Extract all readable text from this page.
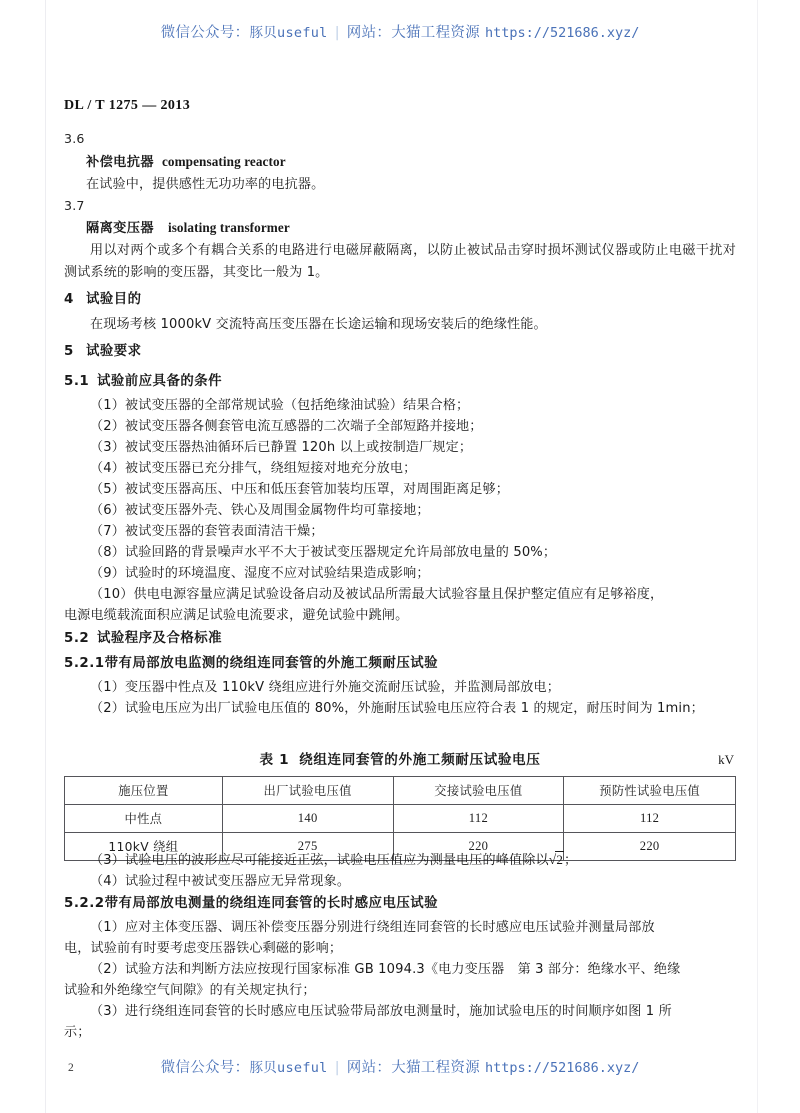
微信公众号：豚贝useful | 网站：大猫工程资源 https://521686.xyz/
DL / T 1275 — 2013

3.6

补偿电抗器 compensating reactor

在试验中，提供感性无功功率的电抗器。

3.7

隔离变压器 isolating transformer

用以对两个或多个有耦合关系的电路进行电磁屏蔽隔离，以防止被试品击穿时损坏测试仪器或防止电磁干扰对测试系统的影响的变压器，其变比一般为 1。

4 试验目的

在现场考核 1000kV 交流特高压变压器在长途运输和现场安装后的绝缘性能。

5 试验要求

5.1 试验前应具备的条件

（1）被试变压器的全部常规试验（包括绝缘油试验）结果合格；

（2）被试变压器各侧套管电流互感器的二次端子全部短路并接地；

（3）被试变压器热油循环后已静置 120h 以上或按制造厂规定；

（4）被试变压器已充分排气，绕组短接对地充分放电；

（5）被试变压器高压、中压和低压套管加装均压罩，对周围距离足够；

（6）被试变压器外壳、铁心及周围金属物件均可靠接地；

（7）被试变压器的套管表面清洁干燥；

（8）试验回路的背景噪声水平不大于被试变压器规定允许局部放电量的 50%；

（9）试验时的环境温度、湿度不应对试验结果造成影响；

（10）供电电源容量应满足试验设备启动及被试品所需最大试验容量且保护整定值应有足够裕度，

电源电缆载流面积应满足试验电流要求，避免试验中跳闸。

5.2 试验程序及合格标准

5.2.1带有局部放电监测的绕组连同套管的外施工频耐压试验

（1）变压器中性点及 110kV 绕组应进行外施交流耐压试验，并监测局部放电；

（2）试验电压应为出厂试验电压值的 80%，外施耐压试验电压应符合表 1 的规定，耐压时间为 1min；

表 1 绕组连同套管的外施工频耐压试验电压	kV
施压位置	出厂试验电压值	交接试验电压值	预防性试验电压值
中性点	140	112	112
110kV 绕组	275	220	220

（3）试验电压的波形应尽可能接近正弦，试验电压值应为测量电压的峰值除以√2；

（4）试验过程中被试变压器应无异常现象。

5.2.2带有局部放电测量的绕组连同套管的长时感应电压试验

（1）应对主体变压器、调压补偿变压器分别进行绕组连同套管的长时感应电压试验并测量局部放

电，试验前有时要考虑变压器铁心剩磁的影响；

（2）试验方法和判断方法应按现行国家标准 GB 1094.3《电力变压器　第 3 部分：绝缘水平、绝缘

试验和外绝缘空气间隙》的有关规定执行；

（3）进行绕组连同套管的长时感应电压试验带局部放电测量时，施加试验电压的时间顺序如图 1 所

示；

2	微信公众号：豚贝useful | 网站：大猫工程资源 https://521686.xyz/
